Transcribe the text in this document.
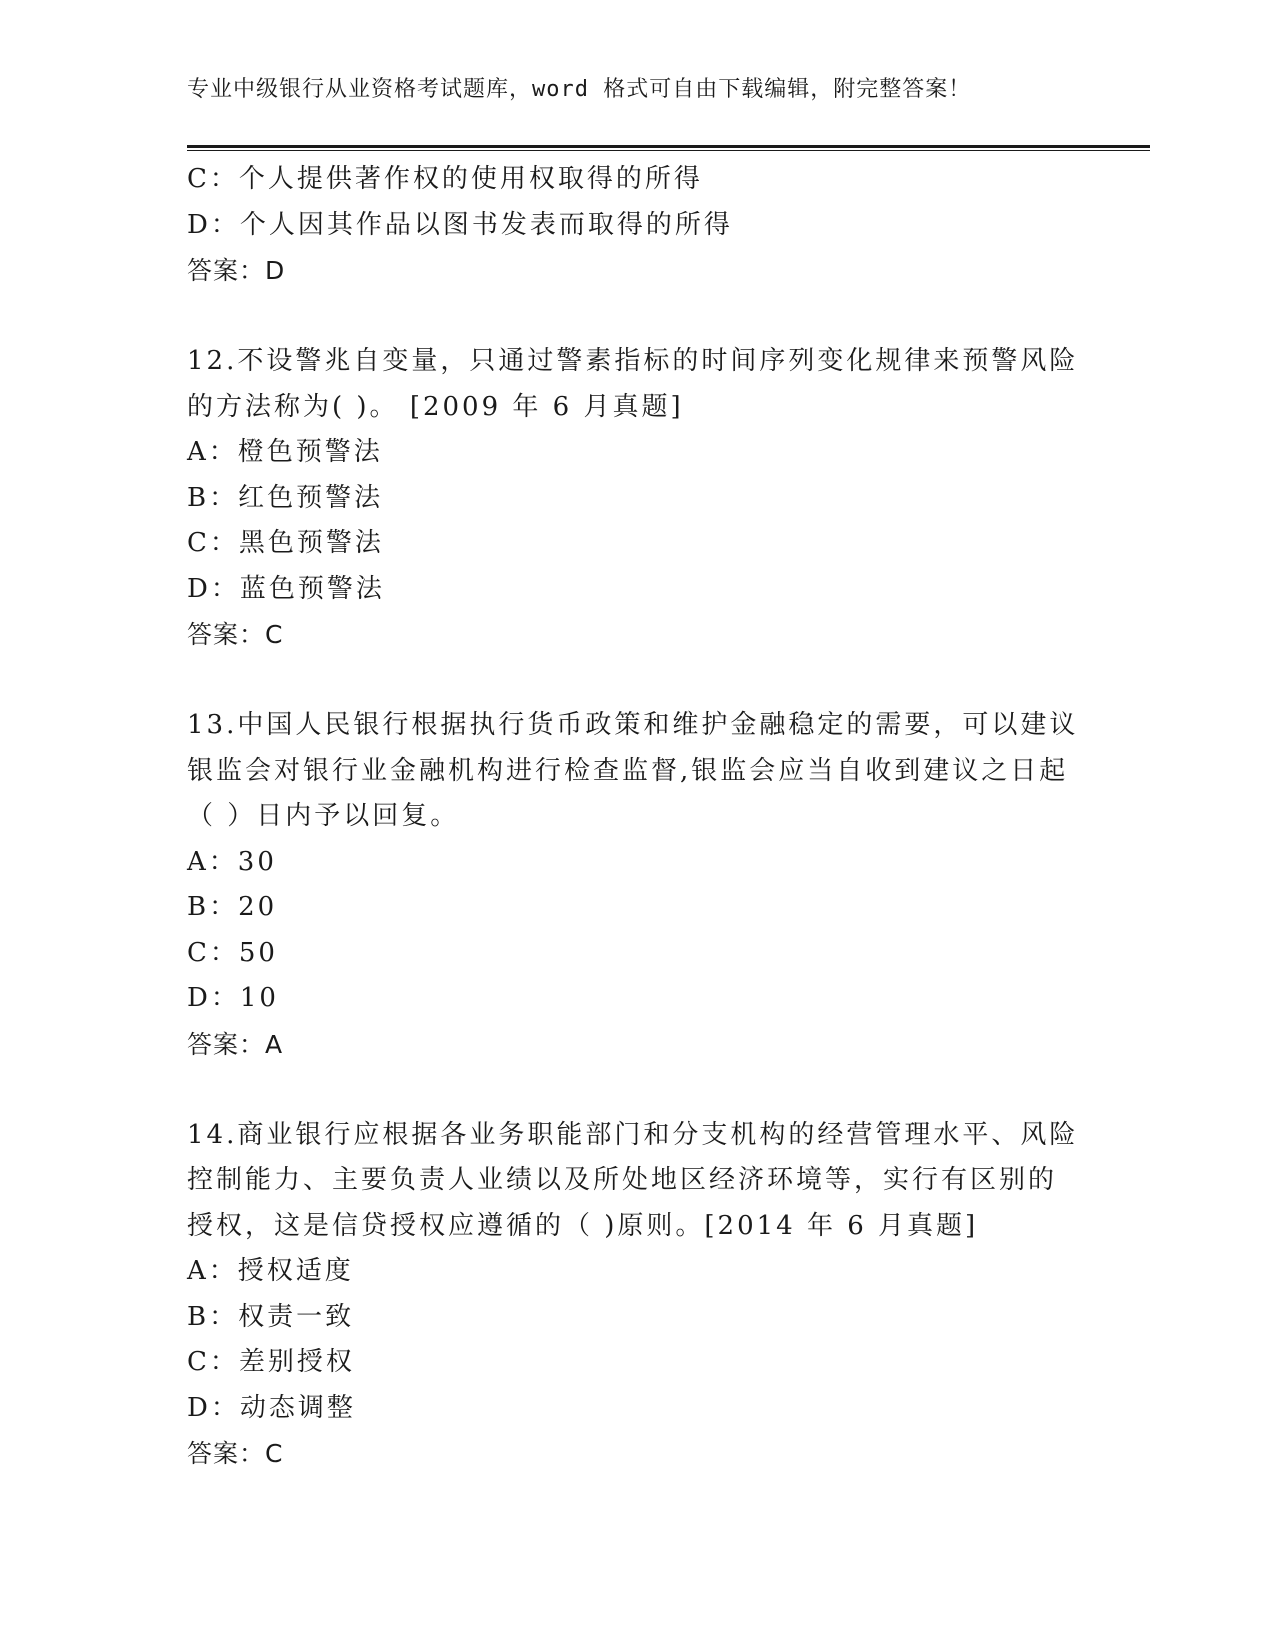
专业中级银行从业资格考试题库，word 格式可自由下载编辑，附完整答案！
C：个人提供著作权的使用权取得的所得
D：个人因其作品以图书发表而取得的所得
答案：D
12.不设警兆自变量，只通过警素指标的时间序列变化规律来预警风险
的方法称为( )。 [2009 年 6 月真题]
A：橙色预警法
B：红色预警法
C：黑色预警法
D：蓝色预警法
答案：C
13.中国人民银行根据执行货币政策和维护金融稳定的需要，可以建议
银监会对银行业金融机构进行检查监督,银监会应当自收到建议之日起
（ ）日内予以回复。
A：30
B：20
C：50
D：10
答案：A
14.商业银行应根据各业务职能部门和分支机构的经营管理水平、风险
控制能力、主要负责人业绩以及所处地区经济环境等，实行有区别的
授权，这是信贷授权应遵循的（ )原则。[2014 年 6 月真题]
A：授权适度
B：权责一致
C：差别授权
D：动态调整
答案：C
